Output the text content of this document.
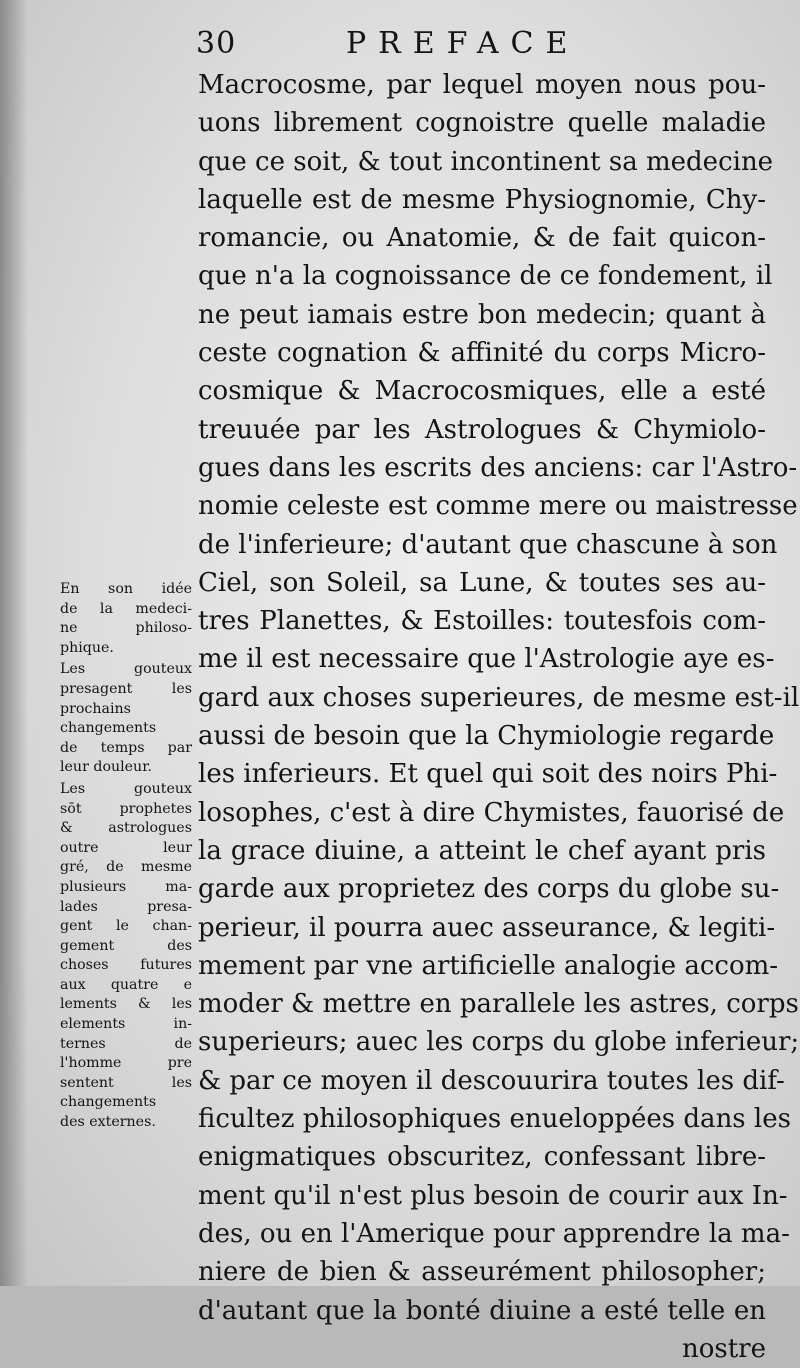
30	PREFACE
Macrocosme, par lequel moyen nous pou-
uons librement cognoistre quelle maladie
que ce soit, & tout incontinent sa medecine
laquelle est de mesme Physiognomie, Chy-
romancie, ou Anatomie, & de fait quicon-
que n'a la cognoissance de ce fondement, il
ne peut iamais estre bon medecin; quant à
ceste cognation & affinité du corps Micro-
cosmique & Macrocosmiques, elle a esté
treuuée par les Astrologues & Chymiolo-
gues dans les escrits des anciens: car l'Astro-
nomie celeste est comme mere ou maistresse
de l'inferieure; d'autant que chascune à son
Ciel, son Soleil, sa Lune, & toutes ses au-
tres Planettes, & Estoilles: toutesfois com-
me il est necessaire que l'Astrologie aye es-
gard aux choses superieures, de mesme est-il
aussi de besoin que la Chymiologie regarde
les inferieurs. Et quel qui soit des noirs Phi-
losophes, c'est à dire Chymistes, fauorisé de
la grace diuine, a atteint le chef ayant pris
garde aux proprietez des corps du globe su-
perieur, il pourra auec asseurance, & legiti-
mement par vne artificielle analogie accom-
moder & mettre en parallele les astres, corps
superieurs; auec les corps du globe inferieur;
& par ce moyen il descouurira toutes les dif-
ficultez philosophiques enueloppées dans les
enigmatiques obscuritez, confessant libre-
ment qu'il n'est plus besoin de courir aux In-
des, ou en l'Amerique pour apprendre la ma-
niere de bien & asseurément philosopher;
d'autant que la bonté diuine a esté telle en
nostre
En son idée
de la medeci-
ne philoso-
phique.
Les gouteux
presagent les
prochains
changements
de temps par
leur douleur.
Les gouteux
sōt prophetes
& astrologues
outre leur
gré, de mesme
plusieurs ma-
lades presa-
gent le chan-
gement des
choses futures
aux quatre e
lements & les
elements in-
ternes de
l'homme pre
sentent les
changements
des externes.
